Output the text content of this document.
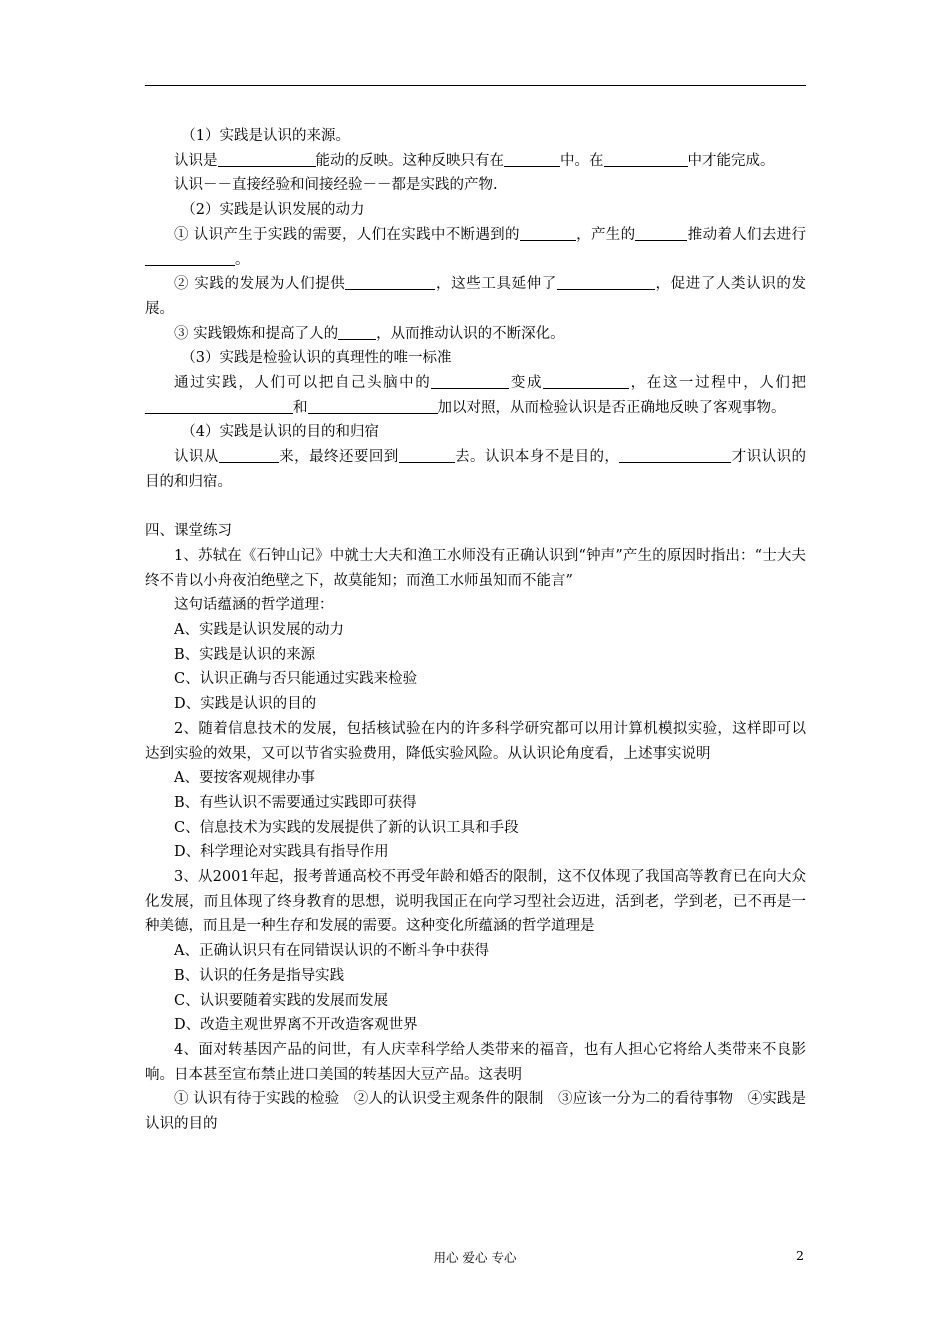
（1）实践是认识的来源。

认识是	能动的反映。这种反映只有在	中。在	中才能完成。

认识－－直接经验和间接经验－－都是实践的产物.

（2）实践是认识发展的动力

① 认识产生于实践的需要，人们在实践中不断遇到的	，产生的	推动着人们去进行。

② 实践的发展为人们提供	，这些工具延伸了	，促进了人类认识的发展。

③ 实践锻炼和提高了人的	，从而推动认识的不断深化。

（3）实践是检验认识的真理性的唯一标准

通过实践，人们可以把自己头脑中的	变成	，在这一过程中，人们把和	加以对照，从而检验认识是否正确地反映了客观事物。

（4）实践是认识的目的和归宿

认识从	来，最终还要回到	去。认识本身不是目的，	才识认识的目的和归宿。

四、课堂练习

1、苏轼在《石钟山记》中就士大夫和渔工水师没有正确认识到“钟声”产生的原因时指出：“士大夫终不肯以小舟夜泊绝壁之下，故莫能知；而渔工水师虽知而不能言”

这句话蕴涵的哲学道理：

A、实践是认识发展的动力

B、实践是认识的来源

C、认识正确与否只能通过实践来检验

D、实践是认识的目的

2、随着信息技术的发展，包括核试验在内的许多科学研究都可以用计算机模拟实验，这样即可以达到实验的效果，又可以节省实验费用，降低实验风险。从认识论角度看，上述事实说明

A、要按客观规律办事

B、有些认识不需要通过实践即可获得

C、信息技术为实践的发展提供了新的认识工具和手段

D、科学理论对实践具有指导作用

3、从2001年起，报考普通高校不再受年龄和婚否的限制，这不仅体现了我国高等教育已在向大众化发展，而且体现了终身教育的思想，说明我国正在向学习型社会迈进，活到老，学到老，已不再是一种美德，而且是一种生存和发展的需要。这种变化所蕴涵的哲学道理是

A、正确认识只有在同错误认识的不断斗争中获得

B、认识的任务是指导实践

C、认识要随着实践的发展而发展

D、改造主观世界离不开改造客观世界

4、面对转基因产品的问世，有人庆幸科学给人类带来的福音，也有人担心它将给人类带来不良影响。日本甚至宣布禁止进口美国的转基因大豆产品。这表明

① 认识有待于实践的检验　②人的认识受主观条件的限制　③应该一分为二的看待事物　④实践是认识的目的

用心 爱心 专心	2
